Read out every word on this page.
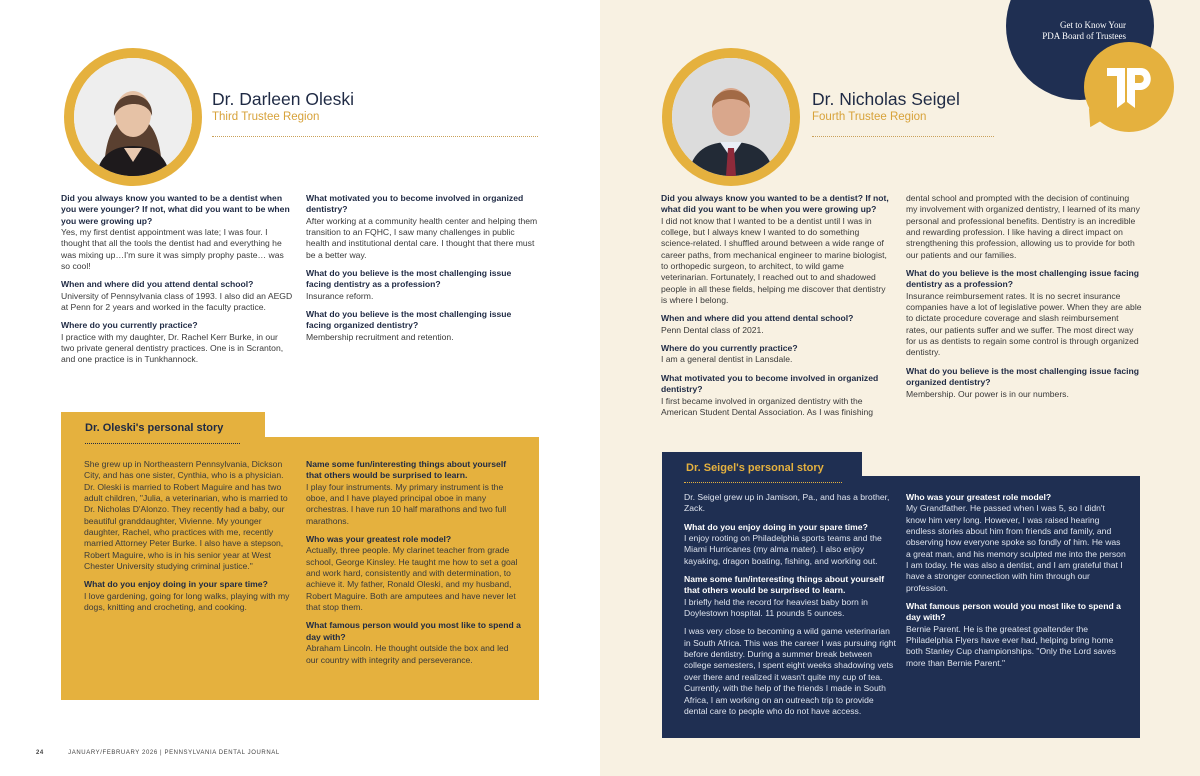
Dr. Darleen Oleski
Third Trustee Region
Did you always know you wanted to be a dentist when you were younger? If not, what did you want to be when you were growing up?
Yes, my first dentist appointment was late; I was four. I thought that all the tools the dentist had and everything he was mixing up…I'm sure it was simply prophy paste… was so cool!
When and where did you attend dental school?
University of Pennsylvania class of 1993. I also did an AEGD at Penn for 2 years and worked in the faculty practice.
Where do you currently practice?
I practice with my daughter, Dr. Rachel Kerr Burke, in our two private general dentistry practices. One is in Scranton, and one practice is in Tunkhannock.
What motivated you to become involved in organized dentistry?
After working at a community health center and helping them transition to an FQHC, I saw many challenges in public health and institutional dental care. I thought that there must be a better way.
What do you believe is the most challenging issue facing dentistry as a profession?
Insurance reform.
What do you believe is the most challenging issue facing organized dentistry?
Membership recruitment and retention.
Dr. Oleski's personal story
She grew up in Northeastern Pennsylvania, Dickson City, and has one sister, Cynthia, who is a physician. Dr. Oleski is married to Robert Maguire and has two adult children, "Julia, a veterinarian, who is married to Dr. Nicholas D'Alonzo. They recently had a baby, our beautiful granddaughter, Vivienne. My younger daughter, Rachel, who practices with me, recently married Attorney Peter Burke. I also have a stepson, Robert Maguire, who is in his senior year at West Chester University studying criminal justice."
What do you enjoy doing in your spare time?
I love gardening, going for long walks, playing with my dogs, knitting and crocheting, and cooking.
Name some fun/interesting things about yourself that others would be surprised to learn.
I play four instruments. My primary instrument is the oboe, and I have played principal oboe in many orchestras. I have run 10 half marathons and two full marathons.
Who was your greatest role model?
Actually, three people. My clarinet teacher from grade school, George Kinsley. He taught me how to set a goal and work hard, consistently and with determination, to achieve it. My father, Ronald Oleski, and my husband, Robert Maguire. Both are amputees and have never let that stop them.
What famous person would you most like to spend a day with?
Abraham Lincoln. He thought outside the box and led our country with integrity and perseverance.
24	JANUARY/FEBRUARY 2026 | PENNSYLVANIA DENTAL JOURNAL
Get to Know Your
PDA Board of Trustees
Dr. Nicholas Seigel
Fourth Trustee Region
Did you always know you wanted to be a dentist? If not, what did you want to be when you were growing up?
I did not know that I wanted to be a dentist until I was in college, but I always knew I wanted to do something science-related. I shuffled around between a wide range of career paths, from mechanical engineer to marine biologist, to orthopedic surgeon, to architect, to wild game veterinarian. Fortunately, I reached out to and shadowed people in all these fields, helping me discover that dentistry is where I belong.
When and where did you attend dental school?
Penn Dental class of 2021.
Where do you currently practice?
I am a general dentist in Lansdale.
What motivated you to become involved in organized dentistry?
I first became involved in organized dentistry with the American Student Dental Association. As I was finishing
dental school and prompted with the decision of continuing my involvement with organized dentistry, I learned of its many personal and professional benefits. Dentistry is an incredible and rewarding profession. I like having a direct impact on strengthening this profession, allowing us to provide for both our patients and our families.
What do you believe is the most challenging issue facing dentistry as a profession?
Insurance reimbursement rates. It is no secret insurance companies have a lot of legislative power. When they are able to dictate procedure coverage and slash reimbursement rates, our patients suffer and we suffer. The most direct way for us as dentists to regain some control is through organized dentistry.
What do you believe is the most challenging issue facing organized dentistry?
Membership. Our power is in our numbers.
Dr. Seigel's personal story
Dr. Seigel grew up in Jamison, Pa., and has a brother, Zack.
What do you enjoy doing in your spare time?
I enjoy rooting on Philadelphia sports teams and the Miami Hurricanes (my alma mater). I also enjoy kayaking, dragon boating, fishing, and working out.
Name some fun/interesting things about yourself that others would be surprised to learn.
I briefly held the record for heaviest baby born in Doylestown hospital. 11 pounds 5 ounces.
I was very close to becoming a wild game veterinarian in South Africa. This was the career I was pursuing right before dentistry. During a summer break between college semesters, I spent eight weeks shadowing vets over there and realized it wasn't quite my cup of tea. Currently, with the help of the friends I made in South Africa, I am working on an outreach trip to provide dental care to people who do not have access.
Who was your greatest role model?
My Grandfather. He passed when I was 5, so I didn't know him very long. However, I was raised hearing endless stories about him from friends and family, and observing how everyone spoke so fondly of him. He was a great man, and his memory sculpted me into the person I am today. He was also a dentist, and I am grateful that I have a stronger connection with him through our profession.
What famous person would you most like to spend a day with?
Bernie Parent. He is the greatest goaltender the Philadelphia Flyers have ever had, helping bring home both Stanley Cup championships. "Only the Lord saves more than Bernie Parent."
